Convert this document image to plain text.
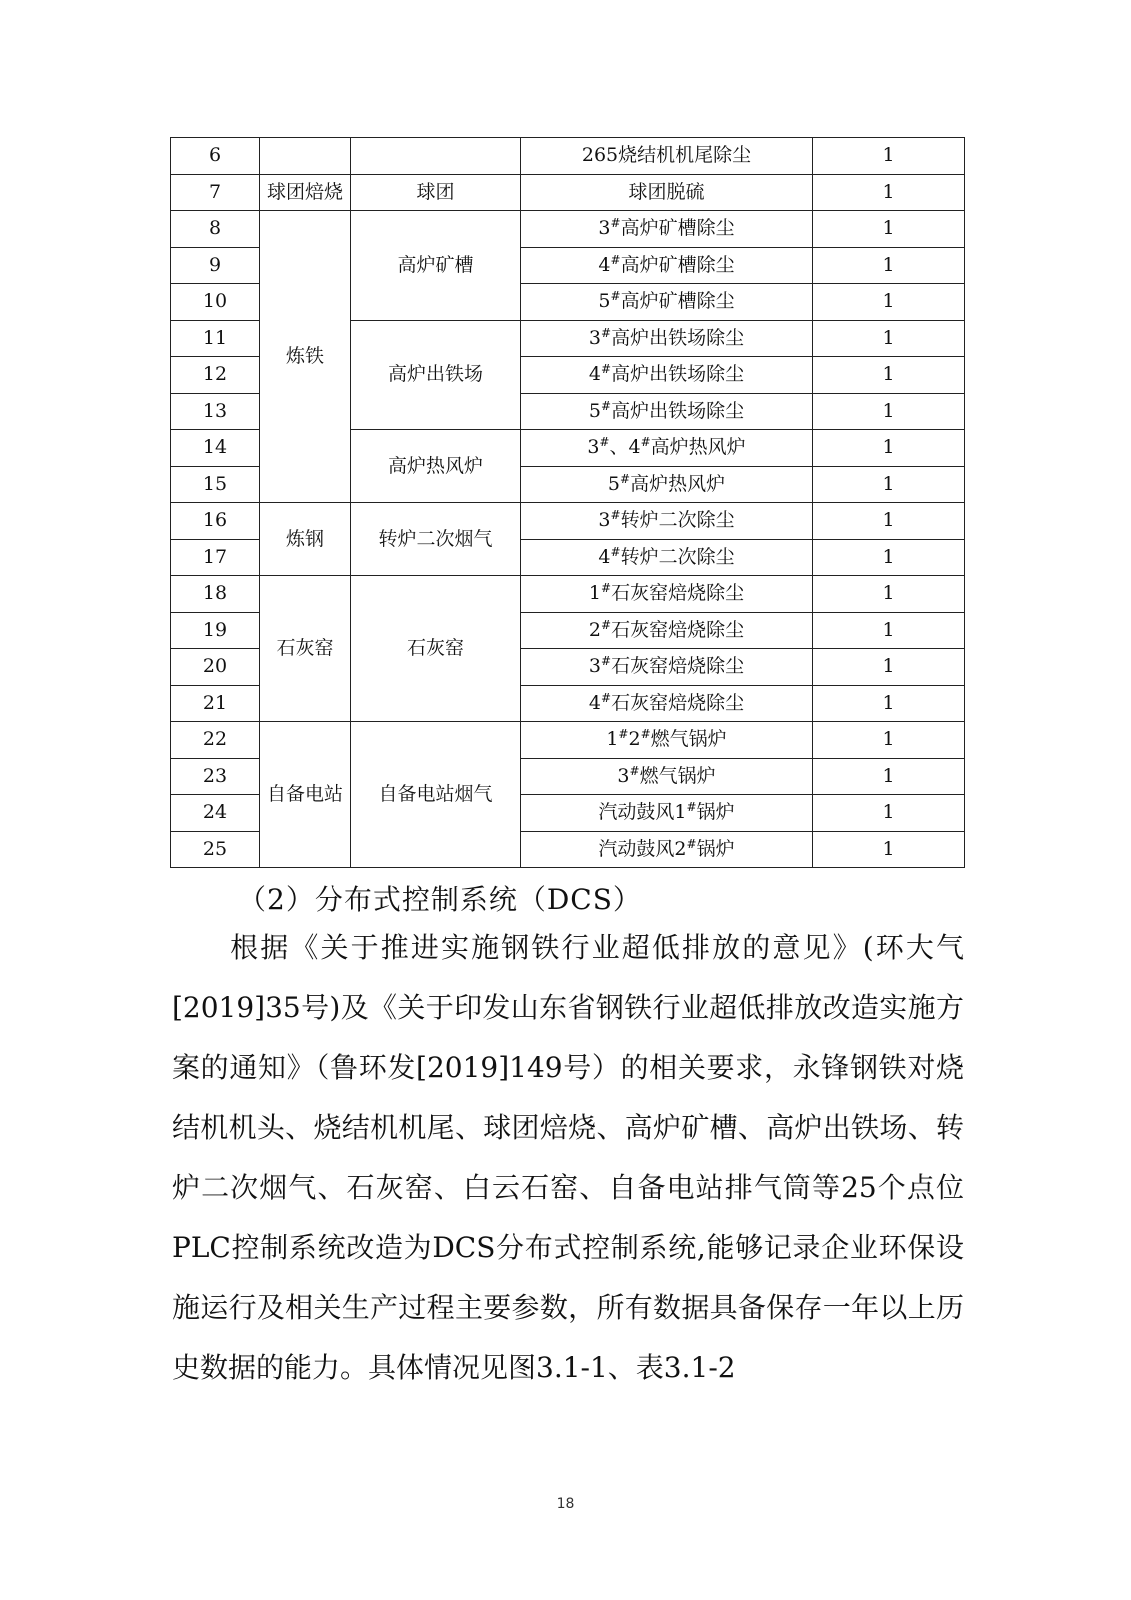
6			265烧结机机尾除尘	1
7	球团焙烧	球团	球团脱硫	1
8	炼铁	高炉矿槽	3#高炉矿槽除尘	1
9			4#高炉矿槽除尘	1
10			5#高炉矿槽除尘	1
11		高炉出铁场	3#高炉出铁场除尘	1
12			4#高炉出铁场除尘	1
13			5#高炉出铁场除尘	1
14		高炉热风炉	3#、4#高炉热风炉	1
15			5#高炉热风炉	1
16	炼钢	转炉二次烟气	3#转炉二次除尘	1
17			4#转炉二次除尘	1
18	石灰窑	石灰窑	1#石灰窑焙烧除尘	1
19			2#石灰窑焙烧除尘	1
20			3#石灰窑焙烧除尘	1
21			4#石灰窑焙烧除尘	1
22	自备电站	自备电站烟气	1#2#燃气锅炉	1
23			3#燃气锅炉	1
24			汽动鼓风1#锅炉	1
25			汽动鼓风2#锅炉	1
（2）分布式控制系统（DCS）
根据《关于推进实施钢铁行业超低排放的意见》(环大气[2019]35号)及《关于印发山东省钢铁行业超低排放改造实施方案的通知》（鲁环发[2019]149号）的相关要求，永锋钢铁对烧结机机头、烧结机机尾、球团焙烧、高炉矿槽、高炉出铁场、转炉二次烟气、石灰窑、白云石窑、自备电站排气筒等25个点位PLC控制系统改造为DCS分布式控制系统,能够记录企业环保设施运行及相关生产过程主要参数，所有数据具备保存一年以上历史数据的能力。具体情况见图3.1-1、表3.1-2
18
